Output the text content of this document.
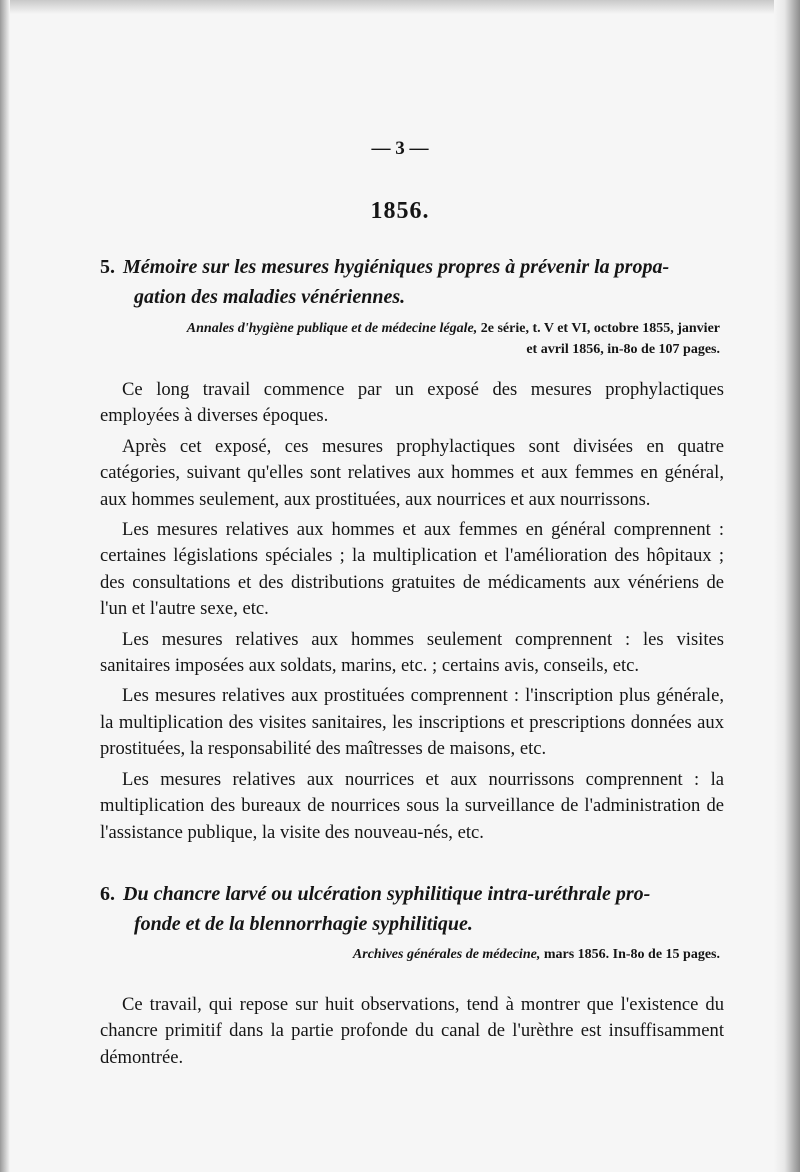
— 3 —
1856.
5. Mémoire sur les mesures hygiéniques propres à prévenir la propa-
gation des maladies vénériennes.
Annales d'hygiène publique et de médecine légale, 2e série, t. V et VI, octobre 1855, janvier
et avril 1856, in-8o de 107 pages.

Ce long travail commence par un exposé des mesures prophylactiques employées à diverses époques.

Après cet exposé, ces mesures prophylactiques sont divisées en quatre catégories, suivant qu'elles sont relatives aux hommes et aux femmes en général, aux hommes seulement, aux prostituées, aux nourrices et aux nourrissons.

Les mesures relatives aux hommes et aux femmes en général comprennent : certaines législations spéciales ; la multiplication et l'amélioration des hôpitaux ; des consultations et des distributions gratuites de médicaments aux vénériens de l'un et l'autre sexe, etc.

Les mesures relatives aux hommes seulement comprennent : les visites sanitaires imposées aux soldats, marins, etc. ; certains avis, conseils, etc.

Les mesures relatives aux prostituées comprennent : l'inscription plus générale, la multiplication des visites sanitaires, les inscriptions et prescriptions données aux prostituées, la responsabilité des maîtresses de maisons, etc.

Les mesures relatives aux nourrices et aux nourrissons comprennent : la multiplication des bureaux de nourrices sous la surveillance de l'administration de l'assistance publique, la visite des nouveau-nés, etc.

6. Du chancre larvé ou ulcération syphilitique intra-uréthrale pro-
fonde et de la blennorrhagie syphilitique.
Archives générales de médecine, mars 1856. In-8o de 15 pages.

Ce travail, qui repose sur huit observations, tend à montrer que l'existence du chancre primitif dans la partie profonde du canal de l'urèthre est insuffisamment démontrée.
